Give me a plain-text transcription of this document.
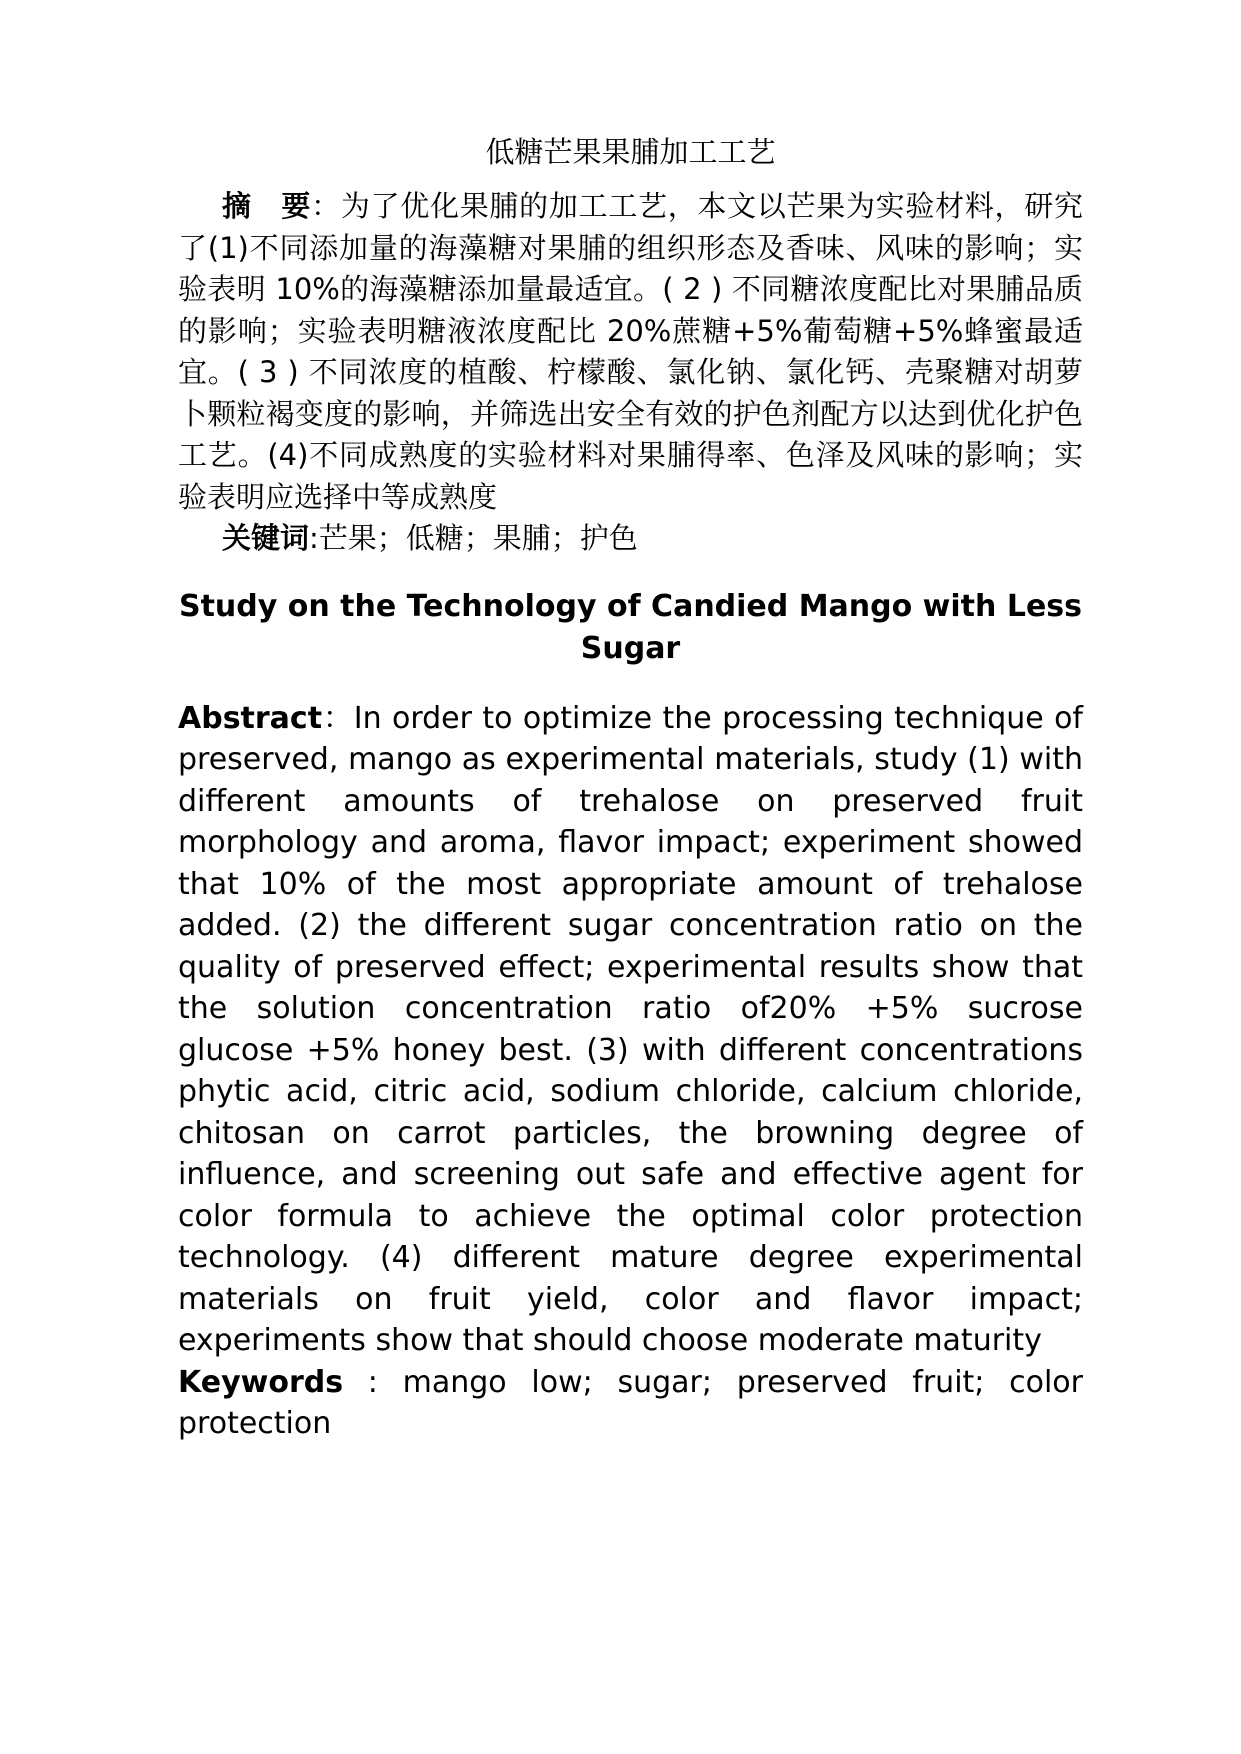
低糖芒果果脯加工工艺

摘　要：为了优化果脯的加工工艺，本文以芒果为实验材料，研究了(1)不同添加量的海藻糖对果脯的组织形态及香味、风味的影响；实验表明 10%的海藻糖添加量最适宜。( 2 ) 不同糖浓度配比对果脯品质的影响；实验表明糖液浓度配比 20%蔗糖+5%葡萄糖+5%蜂蜜最适宜。( 3 ) 不同浓度的植酸、柠檬酸、氯化钠、氯化钙、壳聚糖对胡萝卜颗粒褐变度的影响，并筛选出安全有效的护色剂配方以达到优化护色工艺。(4)不同成熟度的实验材料对果脯得率、色泽及风味的影响；实验表明应选择中等成熟度

关键词:芒果；低糖；果脯；护色

Study on the Technology of Candied Mango with Less Sugar

Abstract：In order to optimize the processing technique of preserved, mango as experimental materials, study (1) with different amounts of trehalose on preserved fruit morphology and aroma, flavor impact; experiment showed that 10% of the most appropriate amount of trehalose added. (2) the different sugar concentration ratio on the quality of preserved effect; experimental results show that the solution concentration ratio of20% +5% sucrose glucose +5% honey best. (3) with different concentrations phytic acid, citric acid, sodium chloride, calcium chloride, chitosan on carrot particles, the browning degree of influence, and screening out safe and effective agent for color formula to achieve the optimal color protection technology. (4) different mature degree experimental materials on fruit yield, color and flavor impact; experiments show that should choose moderate maturity

Keywords : mango low; sugar; preserved fruit; color protection
